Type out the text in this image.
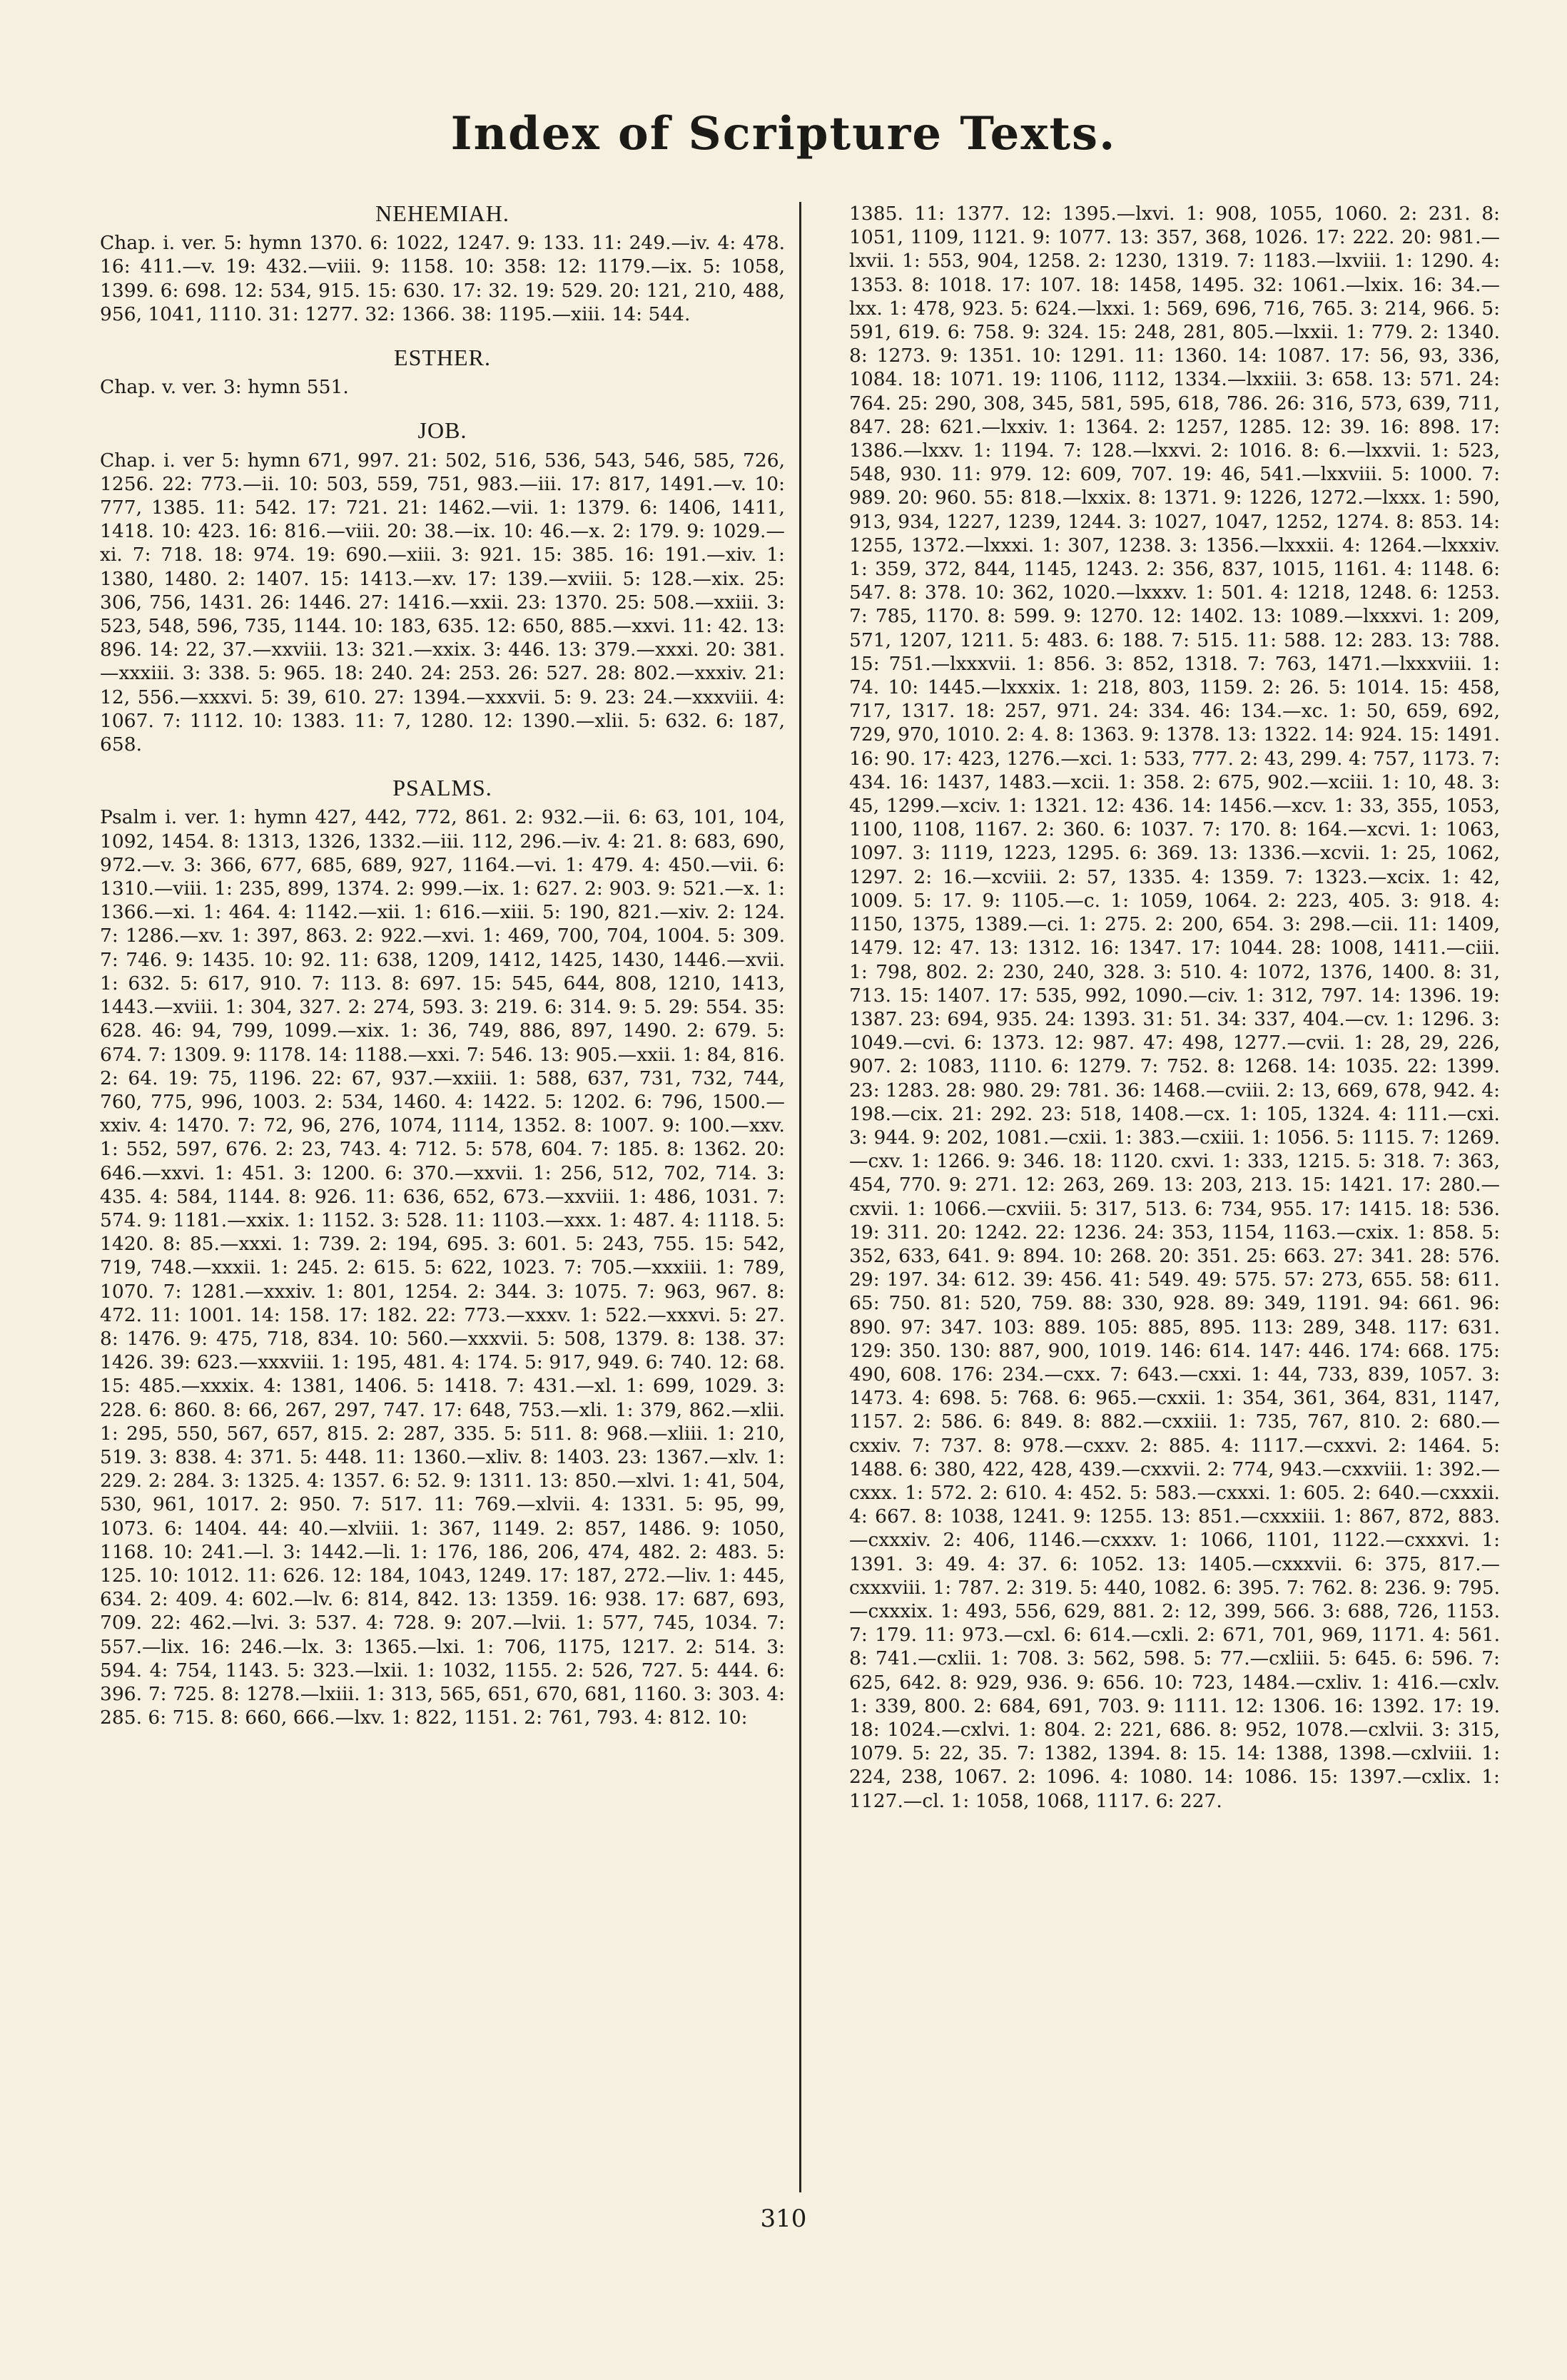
Index of Scripture Texts.
NEHEMIAH.

Chap. i. ver. 5: hymn 1370. 6: 1022, 1247. 9: 133. 11: 249.—iv. 4: 478. 16: 411.—v. 19: 432.—viii. 9: 1158. 10: 358: 12: 1179.—ix. 5: 1058, 1399. 6: 698. 12: 534, 915. 15: 630. 17: 32. 19: 529. 20: 121, 210, 488, 956, 1041, 1110. 31: 1277. 32: 1366. 38: 1195.—xiii. 14: 544.

ESTHER.

Chap. v. ver. 3: hymn 551.

JOB.

Chap. i. ver 5: hymn 671, 997. 21: 502, 516, 536, 543, 546, 585, 726, 1256. 22: 773.—ii. 10: 503, 559, 751, 983.—iii. 17: 817, 1491.—v. 10: 777, 1385. 11: 542. 17: 721. 21: 1462.—vii. 1: 1379. 6: 1406, 1411, 1418. 10: 423. 16: 816.—viii. 20: 38.—ix. 10: 46.—x. 2: 179. 9: 1029.—xi. 7: 718. 18: 974. 19: 690.—xiii. 3: 921. 15: 385. 16: 191.—xiv. 1: 1380, 1480. 2: 1407. 15: 1413.—xv. 17: 139.—xviii. 5: 128.—xix. 25: 306, 756, 1431. 26: 1446. 27: 1416.—xxii. 23: 1370. 25: 508.—xxiii. 3: 523, 548, 596, 735, 1144. 10: 183, 635. 12: 650, 885.—xxvi. 11: 42. 13: 896. 14: 22, 37.—xxviii. 13: 321.—xxix. 3: 446. 13: 379.—xxxi. 20: 381.—xxxiii. 3: 338. 5: 965. 18: 240. 24: 253. 26: 527. 28: 802.—xxxiv. 21: 12, 556.—xxxvi. 5: 39, 610. 27: 1394.—xxxvii. 5: 9. 23: 24.—xxxviii. 4: 1067. 7: 1112. 10: 1383. 11: 7, 1280. 12: 1390.—xlii. 5: 632. 6: 187, 658.

PSALMS.

Psalm i. ver. 1: hymn 427, 442, 772, 861. 2: 932.—ii. 6: 63, 101, 104, 1092, 1454. 8: 1313, 1326, 1332.—iii. 112, 296.—iv. 4: 21. 8: 683, 690, 972.—v. 3: 366, 677, 685, 689, 927, 1164.—vi. 1: 479. 4: 450.—vii. 6: 1310.—viii. 1: 235, 899, 1374. 2: 999.—ix. 1: 627. 2: 903. 9: 521.—x. 1: 1366.—xi. 1: 464. 4: 1142.—xii. 1: 616.—xiii. 5: 190, 821.—xiv. 2: 124. 7: 1286.—xv. 1: 397, 863. 2: 922.—xvi. 1: 469, 700, 704, 1004. 5: 309. 7: 746. 9: 1435. 10: 92. 11: 638, 1209, 1412, 1425, 1430, 1446.—xvii. 1: 632. 5: 617, 910. 7: 113. 8: 697. 15: 545, 644, 808, 1210, 1413, 1443.—xviii. 1: 304, 327. 2: 274, 593. 3: 219. 6: 314. 9: 5. 29: 554. 35: 628. 46: 94, 799, 1099.—xix. 1: 36, 749, 886, 897, 1490. 2: 679. 5: 674. 7: 1309. 9: 1178. 14: 1188.—xxi. 7: 546. 13: 905.—xxii. 1: 84, 816. 2: 64. 19: 75, 1196. 22: 67, 937.—xxiii. 1: 588, 637, 731, 732, 744, 760, 775, 996, 1003. 2: 534, 1460. 4: 1422. 5: 1202. 6: 796, 1500.—xxiv. 4: 1470. 7: 72, 96, 276, 1074, 1114, 1352. 8: 1007. 9: 100.—xxv. 1: 552, 597, 676. 2: 23, 743. 4: 712. 5: 578, 604. 7: 185. 8: 1362. 20: 646.—xxvi. 1: 451. 3: 1200. 6: 370.—xxvii. 1: 256, 512, 702, 714. 3: 435. 4: 584, 1144. 8: 926. 11: 636, 652, 673.—xxviii. 1: 486, 1031. 7: 574. 9: 1181.—xxix. 1: 1152. 3: 528. 11: 1103.—xxx. 1: 487. 4: 1118. 5: 1420. 8: 85.—xxxi. 1: 739. 2: 194, 695. 3: 601. 5: 243, 755. 15: 542, 719, 748.—xxxii. 1: 245. 2: 615. 5: 622, 1023. 7: 705.—xxxiii. 1: 789, 1070. 7: 1281.—xxxiv. 1: 801, 1254. 2: 344. 3: 1075. 7: 963, 967. 8: 472. 11: 1001. 14: 158. 17: 182. 22: 773.—xxxv. 1: 522.—xxxvi. 5: 27. 8: 1476. 9: 475, 718, 834. 10: 560.—xxxvii. 5: 508, 1379. 8: 138. 37: 1426. 39: 623.—xxxviii. 1: 195, 481. 4: 174. 5: 917, 949. 6: 740. 12: 68. 15: 485.—xxxix. 4: 1381, 1406. 5: 1418. 7: 431.—xl. 1: 699, 1029. 3: 228. 6: 860. 8: 66, 267, 297, 747. 17: 648, 753.—xli. 1: 379, 862.—xlii. 1: 295, 550, 567, 657, 815. 2: 287, 335. 5: 511. 8: 968.—xliii. 1: 210, 519. 3: 838. 4: 371. 5: 448. 11: 1360.—xliv. 8: 1403. 23: 1367.—xlv. 1: 229. 2: 284. 3: 1325. 4: 1357. 6: 52. 9: 1311. 13: 850.—xlvi. 1: 41, 504, 530, 961, 1017. 2: 950. 7: 517. 11: 769.—xlvii. 4: 1331. 5: 95, 99, 1073. 6: 1404. 44: 40.—xlviii. 1: 367, 1149. 2: 857, 1486. 9: 1050, 1168. 10: 241.—l. 3: 1442.—li. 1: 176, 186, 206, 474, 482. 2: 483. 5: 125. 10: 1012. 11: 626. 12: 184, 1043, 1249. 17: 187, 272.—liv. 1: 445, 634. 2: 409. 4: 602.—lv. 6: 814, 842. 13: 1359. 16: 938. 17: 687, 693, 709. 22: 462.—lvi. 3: 537. 4: 728. 9: 207.—lvii. 1: 577, 745, 1034. 7: 557.—lix. 16: 246.—lx. 3: 1365.—lxi. 1: 706, 1175, 1217. 2: 514. 3: 594. 4: 754, 1143. 5: 323.—lxii. 1: 1032, 1155. 2: 526, 727. 5: 444. 6: 396. 7: 725. 8: 1278.—lxiii. 1: 313, 565, 651, 670, 681, 1160. 3: 303. 4: 285. 6: 715. 8: 660, 666.—lxv. 1: 822, 1151. 2: 761, 793. 4: 812. 10:

1385. 11: 1377. 12: 1395.—lxvi. 1: 908, 1055, 1060. 2: 231. 8: 1051, 1109, 1121. 9: 1077. 13: 357, 368, 1026. 17: 222. 20: 981.—lxvii. 1: 553, 904, 1258. 2: 1230, 1319. 7: 1183.—lxviii. 1: 1290. 4: 1353. 8: 1018. 17: 107. 18: 1458, 1495. 32: 1061.—lxix. 16: 34.—lxx. 1: 478, 923. 5: 624.—lxxi. 1: 569, 696, 716, 765. 3: 214, 966. 5: 591, 619. 6: 758. 9: 324. 15: 248, 281, 805.—lxxii. 1: 779. 2: 1340. 8: 1273. 9: 1351. 10: 1291. 11: 1360. 14: 1087. 17: 56, 93, 336, 1084. 18: 1071. 19: 1106, 1112, 1334.—lxxiii. 3: 658. 13: 571. 24: 764. 25: 290, 308, 345, 581, 595, 618, 786. 26: 316, 573, 639, 711, 847. 28: 621.—lxxiv. 1: 1364. 2: 1257, 1285. 12: 39. 16: 898. 17: 1386.—lxxv. 1: 1194. 7: 128.—lxxvi. 2: 1016. 8: 6.—lxxvii. 1: 523, 548, 930. 11: 979. 12: 609, 707. 19: 46, 541.—lxxviii. 5: 1000. 7: 989. 20: 960. 55: 818.—lxxix. 8: 1371. 9: 1226, 1272.—lxxx. 1: 590, 913, 934, 1227, 1239, 1244. 3: 1027, 1047, 1252, 1274. 8: 853. 14: 1255, 1372.—lxxxi. 1: 307, 1238. 3: 1356.—lxxxii. 4: 1264.—lxxxiv. 1: 359, 372, 844, 1145, 1243. 2: 356, 837, 1015, 1161. 4: 1148. 6: 547. 8: 378. 10: 362, 1020.—lxxxv. 1: 501. 4: 1218, 1248. 6: 1253. 7: 785, 1170. 8: 599. 9: 1270. 12: 1402. 13: 1089.—lxxxvi. 1: 209, 571, 1207, 1211. 5: 483. 6: 188. 7: 515. 11: 588. 12: 283. 13: 788. 15: 751.—lxxxvii. 1: 856. 3: 852, 1318. 7: 763, 1471.—lxxxviii. 1: 74. 10: 1445.—lxxxix. 1: 218, 803, 1159. 2: 26. 5: 1014. 15: 458, 717, 1317. 18: 257, 971. 24: 334. 46: 134.—xc. 1: 50, 659, 692, 729, 970, 1010. 2: 4. 8: 1363. 9: 1378. 13: 1322. 14: 924. 15: 1491. 16: 90. 17: 423, 1276.—xci. 1: 533, 777. 2: 43, 299. 4: 757, 1173. 7: 434. 16: 1437, 1483.—xcii. 1: 358. 2: 675, 902.—xciii. 1: 10, 48. 3: 45, 1299.—xciv. 1: 1321. 12: 436. 14: 1456.—xcv. 1: 33, 355, 1053, 1100, 1108, 1167. 2: 360. 6: 1037. 7: 170. 8: 164.—xcvi. 1: 1063, 1097. 3: 1119, 1223, 1295. 6: 369. 13: 1336.—xcvii. 1: 25, 1062, 1297. 2: 16.—xcviii. 2: 57, 1335. 4: 1359. 7: 1323.—xcix. 1: 42, 1009. 5: 17. 9: 1105.—c. 1: 1059, 1064. 2: 223, 405. 3: 918. 4: 1150, 1375, 1389.—ci. 1: 275. 2: 200, 654. 3: 298.—cii. 11: 1409, 1479. 12: 47. 13: 1312. 16: 1347. 17: 1044. 28: 1008, 1411.—ciii. 1: 798, 802. 2: 230, 240, 328. 3: 510. 4: 1072, 1376, 1400. 8: 31, 713. 15: 1407. 17: 535, 992, 1090.—civ. 1: 312, 797. 14: 1396. 19: 1387. 23: 694, 935. 24: 1393. 31: 51. 34: 337, 404.—cv. 1: 1296. 3: 1049.—cvi. 6: 1373. 12: 987. 47: 498, 1277.—cvii. 1: 28, 29, 226, 907. 2: 1083, 1110. 6: 1279. 7: 752. 8: 1268. 14: 1035. 22: 1399. 23: 1283. 28: 980. 29: 781. 36: 1468.—cviii. 2: 13, 669, 678, 942. 4: 198.—cix. 21: 292. 23: 518, 1408.—cx. 1: 105, 1324. 4: 111.—cxi. 3: 944. 9: 202, 1081.—cxii. 1: 383.—cxiii. 1: 1056. 5: 1115. 7: 1269.—cxv. 1: 1266. 9: 346. 18: 1120. cxvi. 1: 333, 1215. 5: 318. 7: 363, 454, 770. 9: 271. 12: 263, 269. 13: 203, 213. 15: 1421. 17: 280.—cxvii. 1: 1066.—cxviii. 5: 317, 513. 6: 734, 955. 17: 1415. 18: 536. 19: 311. 20: 1242. 22: 1236. 24: 353, 1154, 1163.—cxix. 1: 858. 5: 352, 633, 641. 9: 894. 10: 268. 20: 351. 25: 663. 27: 341. 28: 576. 29: 197. 34: 612. 39: 456. 41: 549. 49: 575. 57: 273, 655. 58: 611. 65: 750. 81: 520, 759. 88: 330, 928. 89: 349, 1191. 94: 661. 96: 890. 97: 347. 103: 889. 105: 885, 895. 113: 289, 348. 117: 631. 129: 350. 130: 887, 900, 1019. 146: 614. 147: 446. 174: 668. 175: 490, 608. 176: 234.—cxx. 7: 643.—cxxi. 1: 44, 733, 839, 1057. 3: 1473. 4: 698. 5: 768. 6: 965.—cxxii. 1: 354, 361, 364, 831, 1147, 1157. 2: 586. 6: 849. 8: 882.—cxxiii. 1: 735, 767, 810. 2: 680.—cxxiv. 7: 737. 8: 978.—cxxv. 2: 885. 4: 1117.—cxxvi. 2: 1464. 5: 1488. 6: 380, 422, 428, 439.—cxxvii. 2: 774, 943.—cxxviii. 1: 392.—cxxx. 1: 572. 2: 610. 4: 452. 5: 583.—cxxxi. 1: 605. 2: 640.—cxxxii. 4: 667. 8: 1038, 1241. 9: 1255. 13: 851.—cxxxiii. 1: 867, 872, 883.—cxxxiv. 2: 406, 1146.—cxxxv. 1: 1066, 1101, 1122.—cxxxvi. 1: 1391. 3: 49. 4: 37. 6: 1052. 13: 1405.—cxxxvii. 6: 375, 817.—cxxxviii. 1: 787. 2: 319. 5: 440, 1082. 6: 395. 7: 762. 8: 236. 9: 795.—cxxxix. 1: 493, 556, 629, 881. 2: 12, 399, 566. 3: 688, 726, 1153. 7: 179. 11: 973.—cxl. 6: 614.—cxli. 2: 671, 701, 969, 1171. 4: 561. 8: 741.—cxlii. 1: 708. 3: 562, 598. 5: 77.—cxliii. 5: 645. 6: 596. 7: 625, 642. 8: 929, 936. 9: 656. 10: 723, 1484.—cxliv. 1: 416.—cxlv. 1: 339, 800. 2: 684, 691, 703. 9: 1111. 12: 1306. 16: 1392. 17: 19. 18: 1024.—cxlvi. 1: 804. 2: 221, 686. 8: 952, 1078.—cxlvii. 3: 315, 1079. 5: 22, 35. 7: 1382, 1394. 8: 15. 14: 1388, 1398.—cxlviii. 1: 224, 238, 1067. 2: 1096. 4: 1080. 14: 1086. 15: 1397.—cxlix. 1: 1127.—cl. 1: 1058, 1068, 1117. 6: 227.

310
